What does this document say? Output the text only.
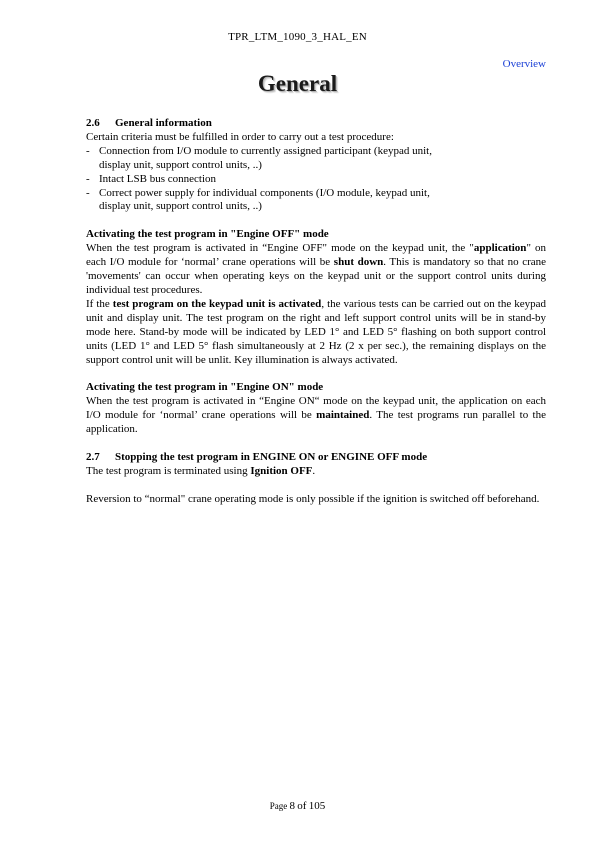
TPR_LTM_1090_3_HAL_EN
Overview
General

2.6 General information

Certain criteria must be fulfilled in order to carry out a test procedure:

- Connection from I/O module to currently assigned participant (keypad unit,
display unit, support control units, ..)
- Intact LSB bus connection
- Correct power supply for individual components (I/O module, keypad unit,
display unit, support control units, ..)

Activating the test program in "Engine OFF" mode

When the test program is activated in “Engine OFF" mode on the keypad unit, the "application" on each I/O module for ‘normal’ crane operations will be shut down. This is mandatory so that no crane 'movements' can occur when operating keys on the keypad unit or the support control units during individual test procedures.

If the test program on the keypad unit is activated, the various tests can be carried out on the keypad unit and display unit. The test program on the right and left support control units will be in stand-by mode here. Stand-by mode will be indicated by LED 1° and LED 5° flashing on both support control units (LED 1° and LED 5° flash simultaneously at 2 Hz (2 x per sec.), the remaining displays on the support control unit will be unlit. Key illumination is always activated.

Activating the test program in "Engine ON" mode

When the test program is activated in “Engine ON“ mode on the keypad unit, the application on each I/O module for ‘normal’ crane operations will be maintained. The test programs run parallel to the application.

2.7 Stopping the test program in ENGINE ON or ENGINE OFF mode

The test program is terminated using Ignition OFF.

Reversion to “normal" crane operating mode is only possible if the ignition is switched off beforehand.

Page 8 of 105
